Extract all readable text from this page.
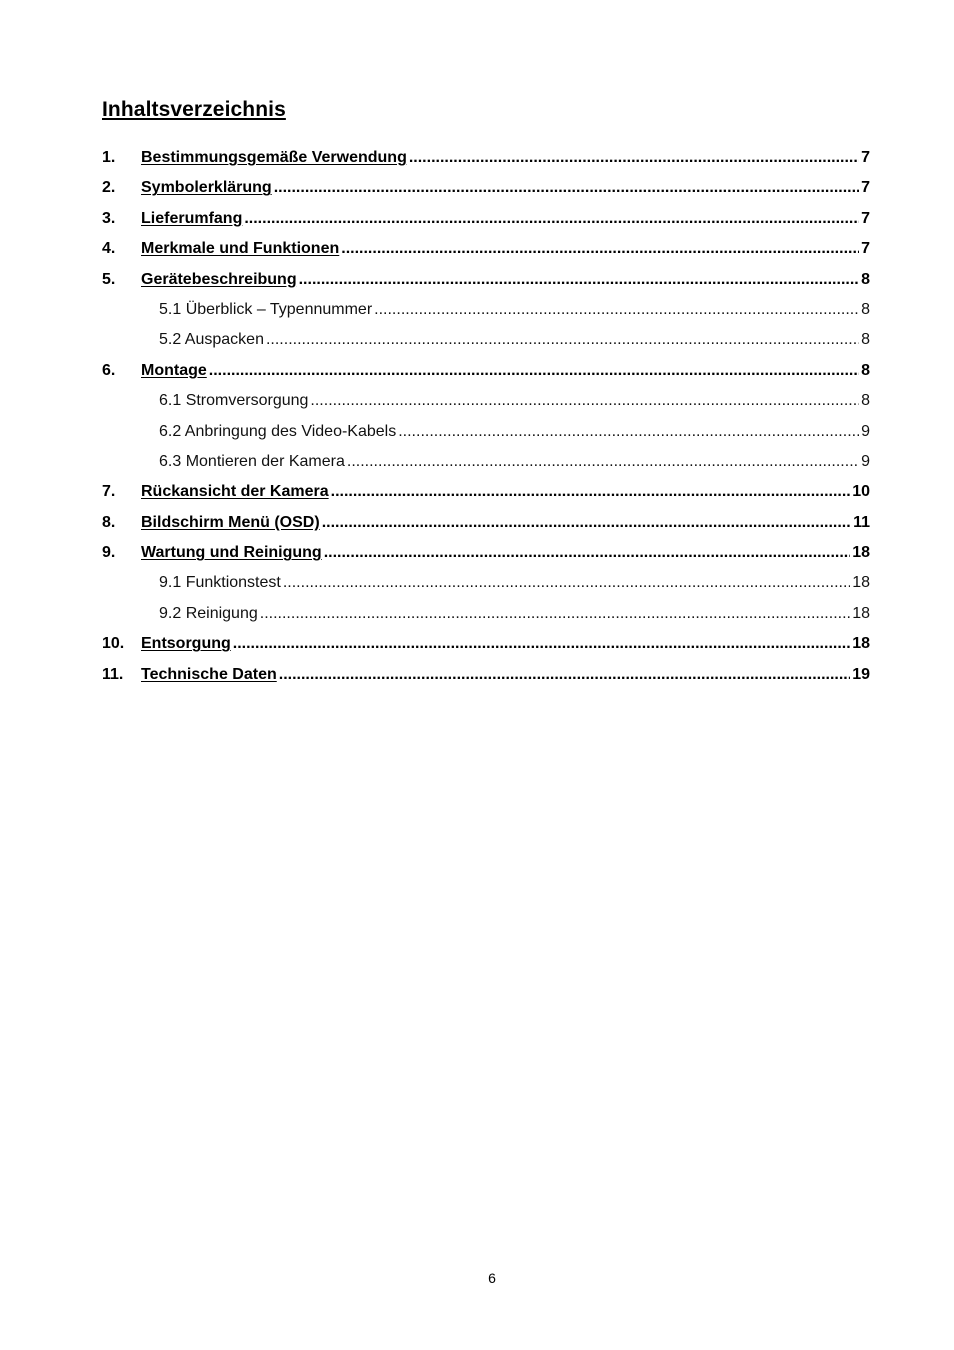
Inhaltsverzeichnis
1.	Bestimmungsgemäße Verwendung .....	7
2.	Symbolerklärung .....	7
3.	Lieferumfang .....	7
4.	Merkmale und Funktionen .....	7
5.	Gerätebeschreibung .....	8
5.1 Überblick – Typennummer .....	8
5.2 Auspacken .....	8
6.	Montage .....	8
6.1 Stromversorgung .....	8
6.2 Anbringung des Video-Kabels .....	9
6.3 Montieren der Kamera .....	9
7.	Rückansicht der Kamera .....	10
8.	Bildschirm Menü (OSD) .....	11
9.	Wartung und Reinigung .....	18
9.1 Funktionstest .....	18
9.2 Reinigung .....	18
10.	Entsorgung .....	18
11.	Technische Daten .....	19
6
